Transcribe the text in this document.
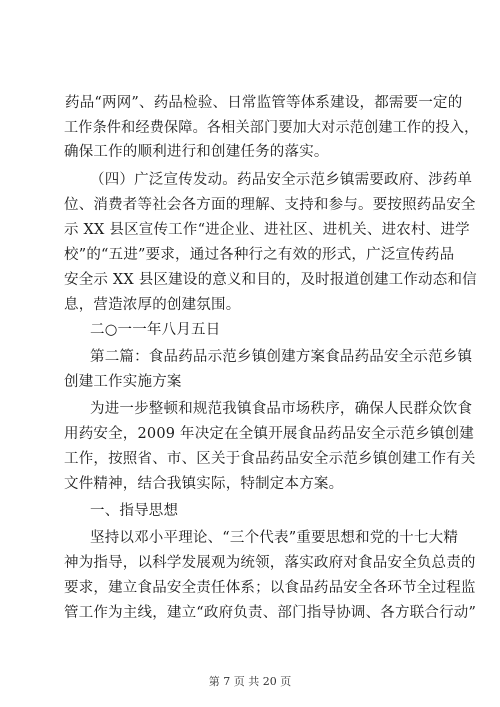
药品“两网”、药品检验、日常监管等体系建设，都需要一定的
工作条件和经费保障。各相关部门要加大对示范创建工作的投入，
确保工作的顺利进行和创建任务的落实。
（四）广泛宣传发动。药品安全示范乡镇需要政府、涉药单
位、消费者等社会各方面的理解、支持和参与。要按照药品安全
示 XX 县区宣传工作“进企业、进社区、进机关、进农村、进学
校”的“五进”要求，通过各种行之有效的形式，广泛宣传药品
安全示 XX 县区建设的意义和目的，及时报道创建工作动态和信
息，营造浓厚的创建氛围。
二○一一年八月五日
第二篇：食品药品示范乡镇创建方案食品药品安全示范乡镇
创建工作实施方案
为进一步整顿和规范我镇食品市场秩序，确保人民群众饮食
用药安全，2009 年决定在全镇开展食品药品安全示范乡镇创建
工作，按照省、市、区关于食品药品安全示范乡镇创建工作有关
文件精神，结合我镇实际，特制定本方案。
一、指导思想
坚持以邓小平理论、“三个代表”重要思想和党的十七大精
神为指导，以科学发展观为统领，落实政府对食品安全负总责的
要求，建立食品安全责任体系；以食品药品安全各环节全过程监
管工作为主线，建立“政府负责、部门指导协调、各方联合行动”
第 7 页 共 20 页
